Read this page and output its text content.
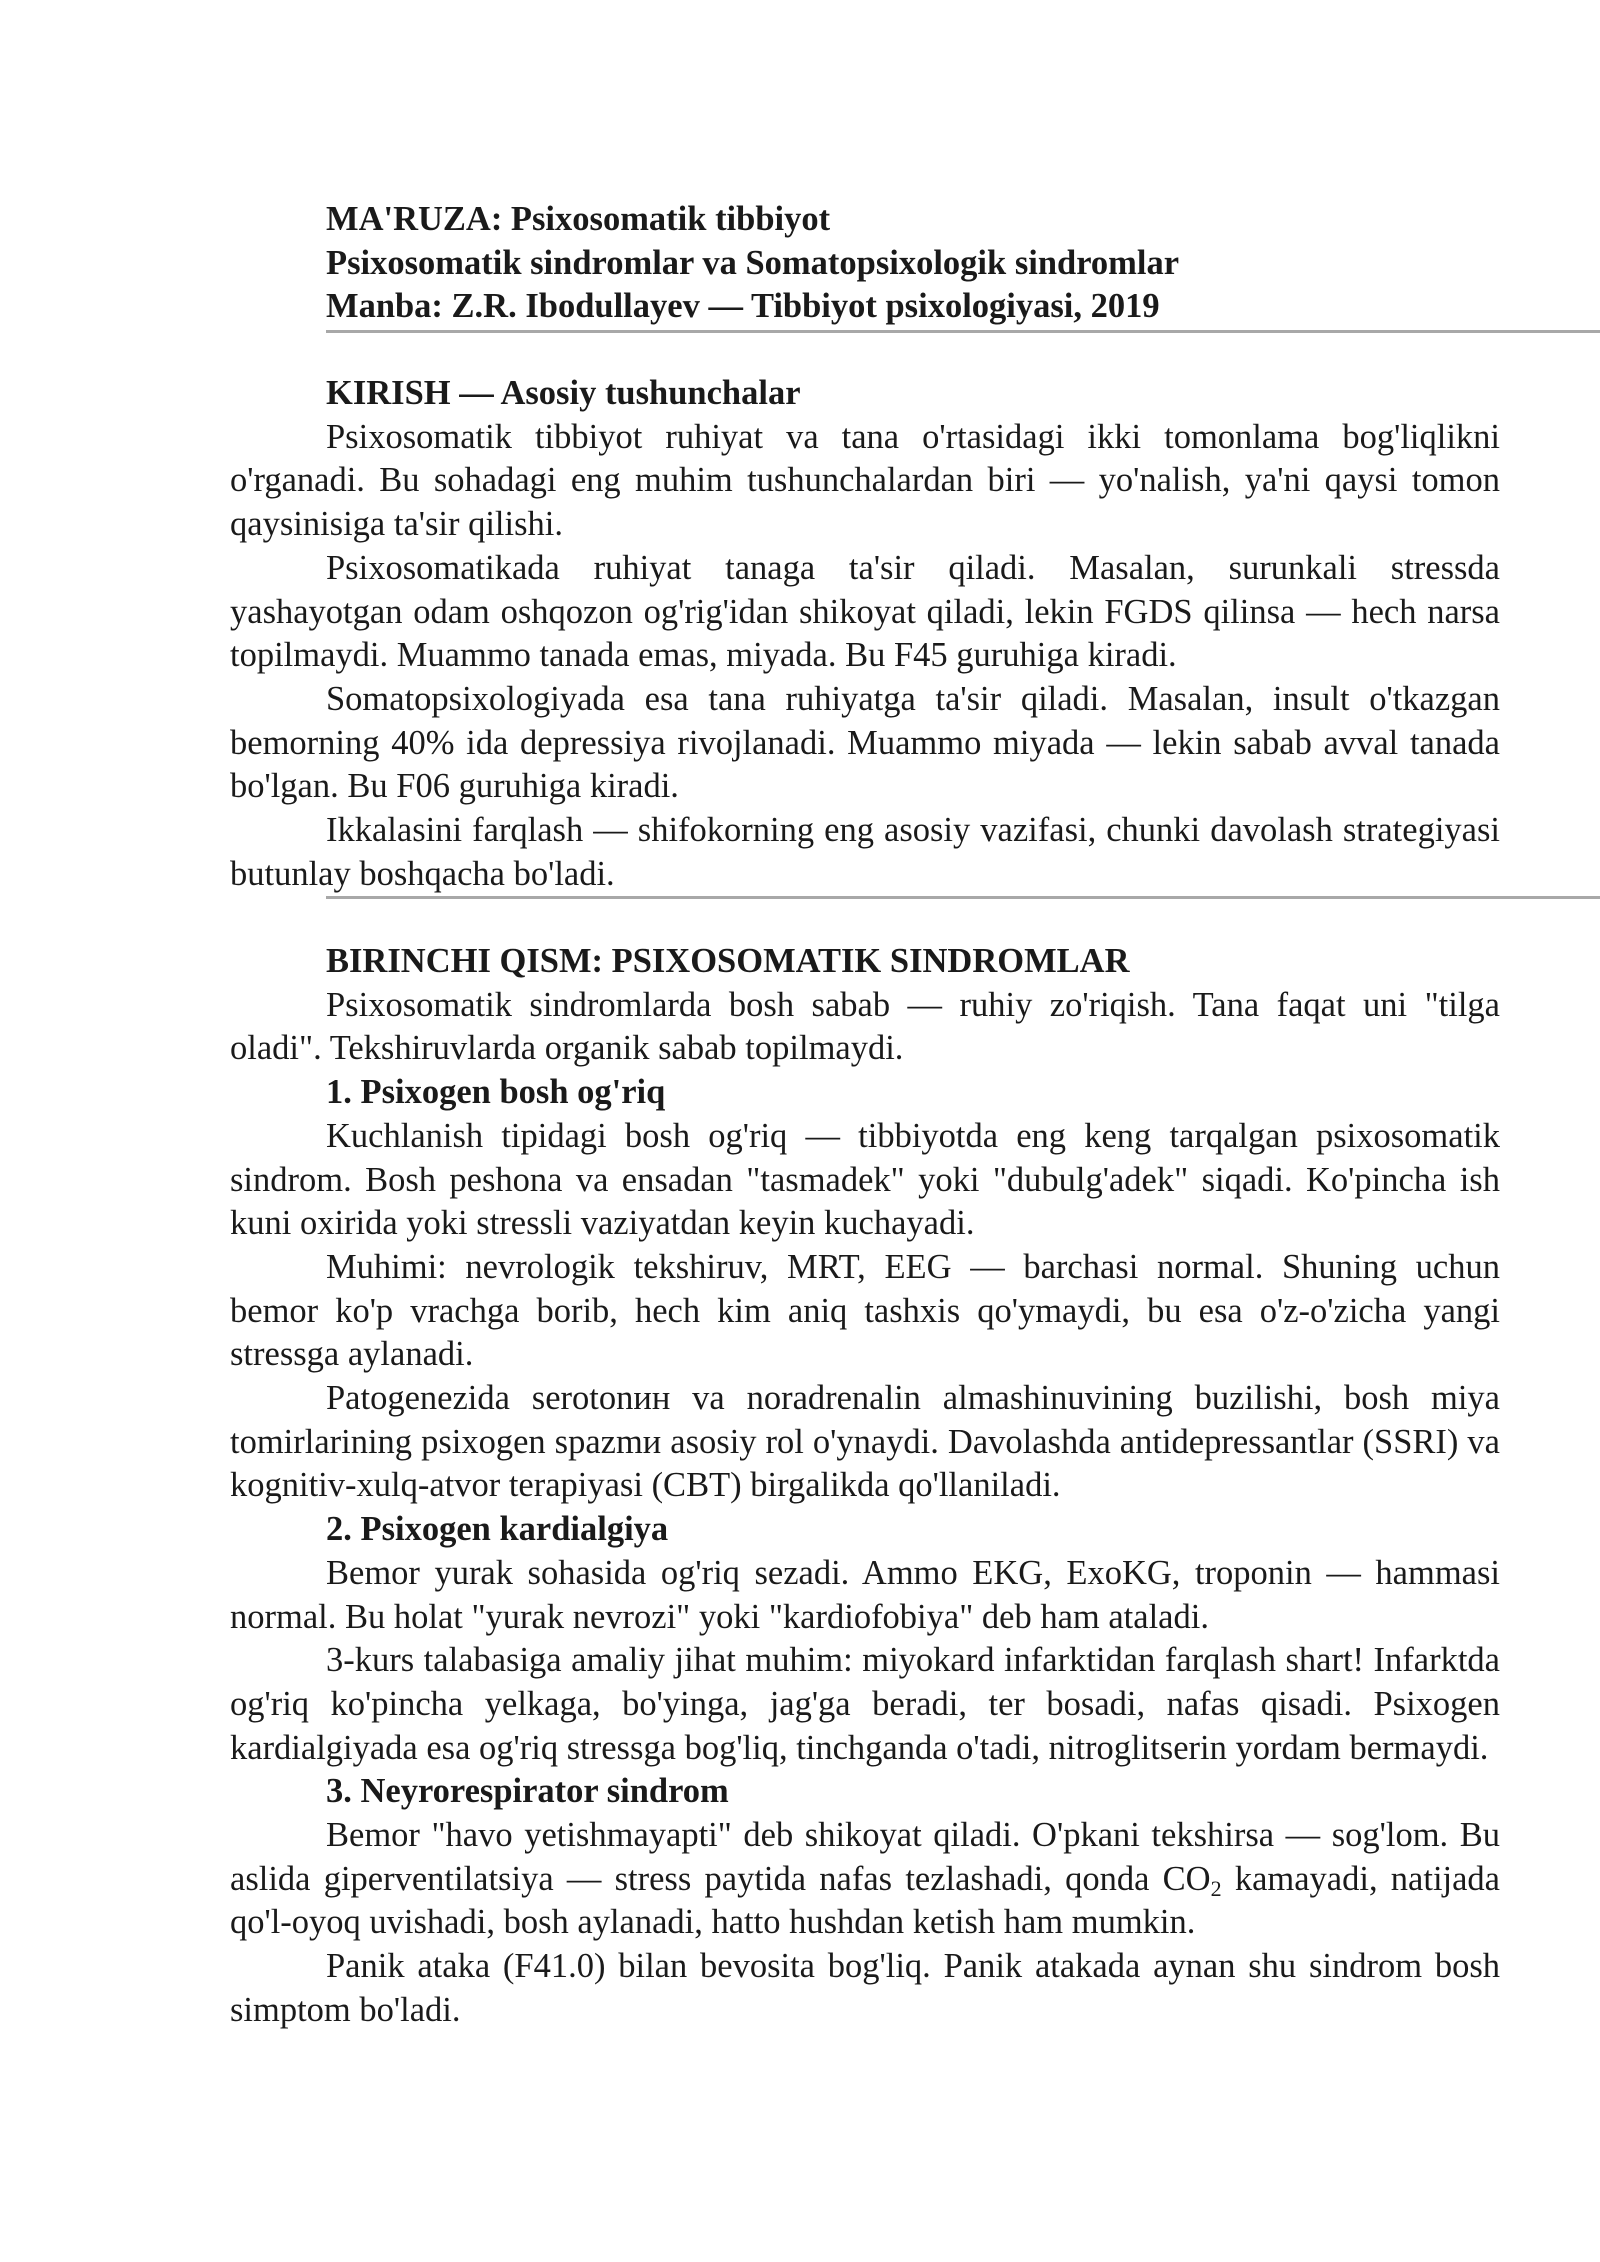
MA'RUZA: Psixosomatik tibbiyot
Psixosomatik sindromlar va Somatopsixologik sindromlar
Manba: Z.R. Ibodullayev — Tibbiyot psixologiyasi, 2019
KIRISH — Asosiy tushunchalar

Psixosomatik tibbiyot ruhiyat va tana o'rtasidagi ikki tomonlama bog'liqlikni o'rganadi. Bu sohadagi eng muhim tushunchalardan biri — yo'nalish, ya'ni qaysi tomon qaysinisiga ta'sir qilishi.

Psixosomatikada ruhiyat tanaga ta'sir qiladi. Masalan, surunkali stressda yashayotgan odam oshqozon og'rig'idan shikoyat qiladi, lekin FGDS qilinsa — hech narsa topilmaydi. Muammo tanada emas, miyada. Bu F45 guruhiga kiradi.

Somatopsixologiyada esa tana ruhiyatga ta'sir qiladi. Masalan, insult o'tkazgan bemorning 40% ida depressiya rivojlanadi. Muammo miyada — lekin sabab avval tanada bo'lgan. Bu F06 guruhiga kiradi.

Ikkalasini farqlash — shifokorning eng asosiy vazifasi, chunki davolash strategiyasi butunlay boshqacha bo'ladi.

BIRINCHI QISM: PSIXOSOMATIK SINDROMLAR

Psixosomatik sindromlarda bosh sabab — ruhiy zo'riqish. Tana faqat uni "tilga oladi". Tekshiruvlarda organik sabab topilmaydi.

1. Psixogen bosh og'riq

Kuchlanish tipidagi bosh og'riq — tibbiyotda eng keng tarqalgan psixosomatik sindrom. Bosh peshona va ensadan "tasmadek" yoki "dubulg'adek" siqadi. Ko'pincha ish kuni oxirida yoki stressli vaziyatdan keyin kuchayadi.

Muhimi: nevrologik tekshiruv, MRT, EEG — barchasi normal. Shuning uchun bemor ko'p vrachga borib, hech kim aniq tashxis qo'ymaydi, bu esa o'z-o'zicha yangi stressga aylanadi.

Patogenezida serotonин va noradrenalin almashinuvining buzilishi, bosh miya tomirlarining psixogen spazmи asosiy rol o'ynaydi. Davolashda antidepressantlar (SSRI) va kognitiv-xulq-atvor terapiyasi (CBT) birgalikda qo'llaniladi.

2. Psixogen kardialgiya

Bemor yurak sohasida og'riq sezadi. Ammo EKG, ExoKG, troponin — hammasi normal. Bu holat "yurak nevrozi" yoki "kardiofobiya" deb ham ataladi.

3-kurs talabasiga amaliy jihat muhim: miyokard infarktidan farqlash shart! Infarktda og'riq ko'pincha yelkaga, bo'yinga, jag'ga beradi, ter bosadi, nafas qisadi. Psixogen kardialgiyada esa og'riq stressga bog'liq, tinchganda o'tadi, nitroglitserin yordam bermaydi.

3. Neyrorespirator sindrom

Bemor "havo yetishmayapti" deb shikoyat qiladi. O'pkani tekshirsa — sog'lom. Bu aslida giperventilatsiya — stress paytida nafas tezlashadi, qonda $CO_2$ kamayadi, natijada qo'l-oyoq uvishadi, bosh aylanadi, hatto hushdan ketish ham mumkin.

Panik ataka (F41.0) bilan bevosita bog'liq. Panik atakada aynan shu sindrom bosh simptom bo'ladi.
